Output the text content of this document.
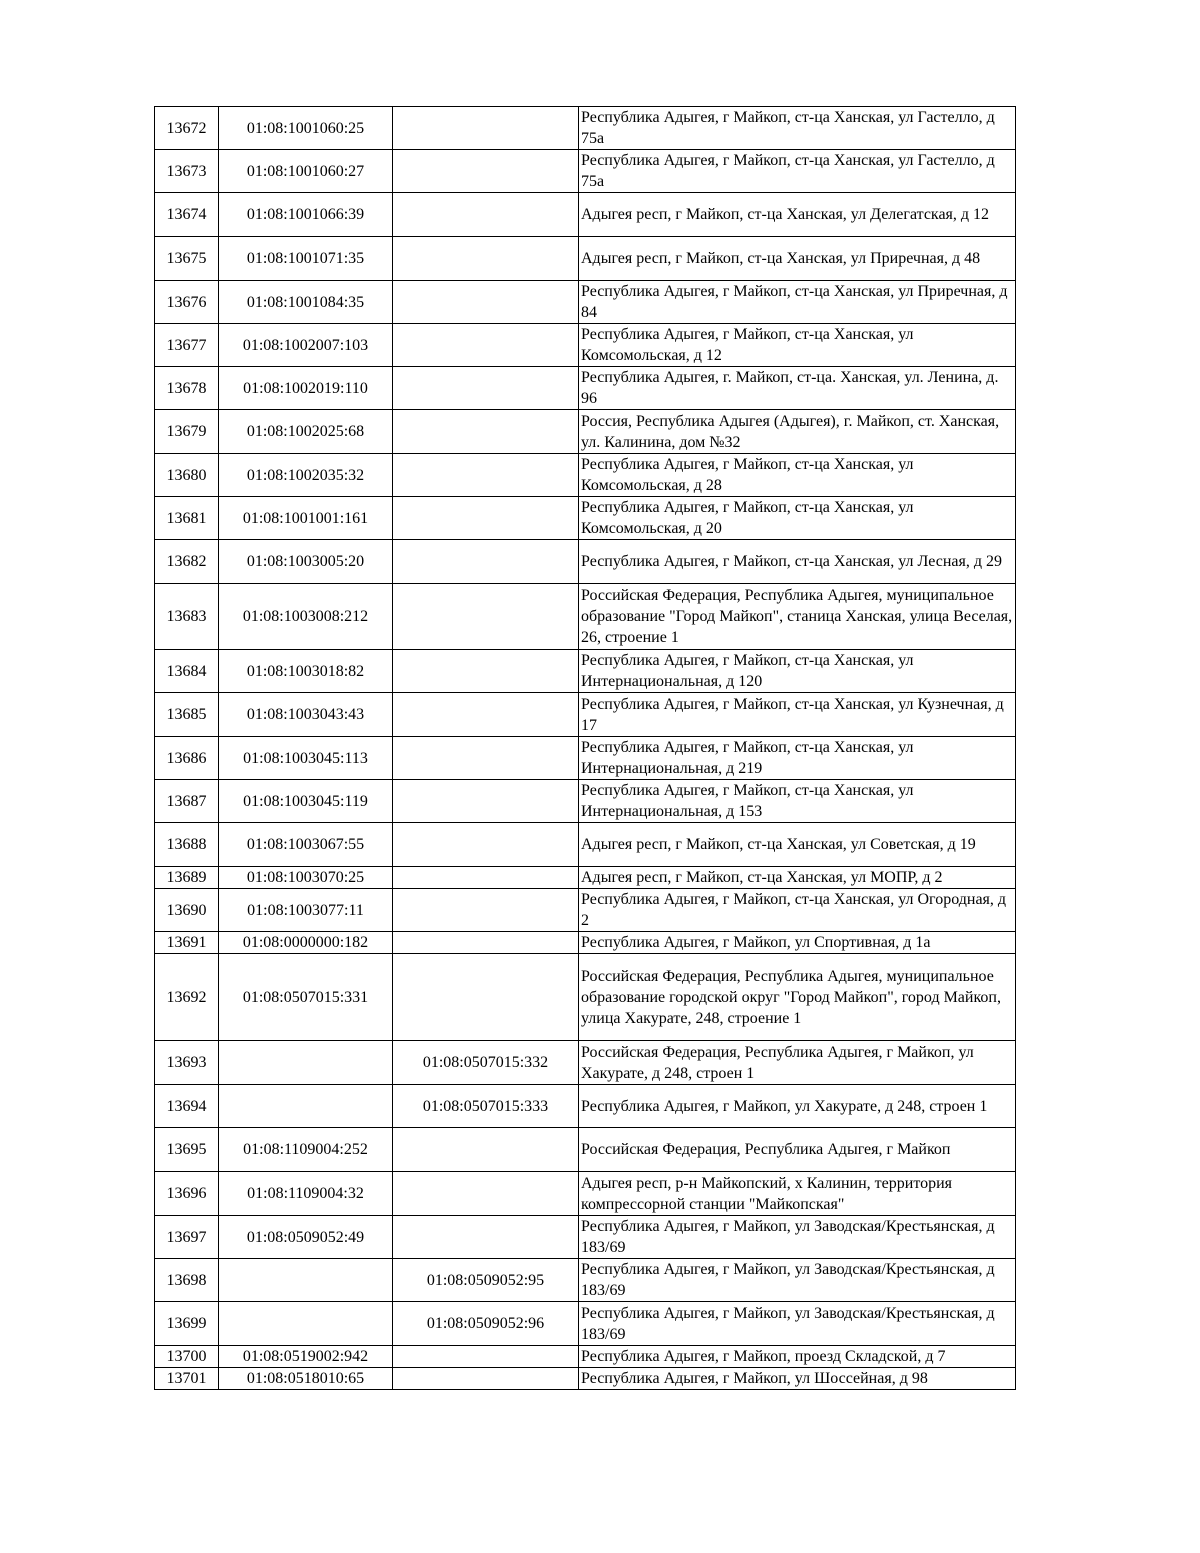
13672	01:08:1001060:25		Республика Адыгея, г Майкоп, ст-ца Ханская, ул Гастелло, д 75а
13673	01:08:1001060:27		Республика Адыгея, г Майкоп, ст-ца Ханская, ул Гастелло, д 75а
13674	01:08:1001066:39		Адыгея респ, г Майкоп, ст-ца Ханская, ул Делегатская, д 12
13675	01:08:1001071:35		Адыгея респ, г Майкоп, ст-ца Ханская, ул Приречная, д 48
13676	01:08:1001084:35		Республика Адыгея, г Майкоп, ст-ца Ханская, ул Приречная, д 84
13677	01:08:1002007:103		Республика Адыгея, г Майкоп, ст-ца Ханская, ул Комсомольская, д 12
13678	01:08:1002019:110		Республика Адыгея, г. Майкоп, ст-ца. Ханская, ул. Ленина, д. 96
13679	01:08:1002025:68		Россия, Республика Адыгея (Адыгея), г. Майкоп, ст. Ханская, ул. Калинина, дом №32
13680	01:08:1002035:32		Республика Адыгея, г Майкоп, ст-ца Ханская, ул Комсомольская, д 28
13681	01:08:1001001:161		Республика Адыгея, г Майкоп, ст-ца Ханская, ул Комсомольская, д 20
13682	01:08:1003005:20		Республика Адыгея, г Майкоп, ст-ца Ханская, ул Лесная, д 29
13683	01:08:1003008:212		Российская Федерация, Республика Адыгея, муниципальное образование "Город Майкоп", станица Ханская, улица Веселая, 26, строение 1
13684	01:08:1003018:82		Республика Адыгея, г Майкоп, ст-ца Ханская, ул Интернациональная, д 120
13685	01:08:1003043:43		Республика Адыгея, г Майкоп, ст-ца Ханская, ул Кузнечная, д 17
13686	01:08:1003045:113		Республика Адыгея, г Майкоп, ст-ца Ханская, ул Интернациональная, д 219
13687	01:08:1003045:119		Республика Адыгея, г Майкоп, ст-ца Ханская, ул Интернациональная, д 153
13688	01:08:1003067:55		Адыгея респ, г Майкоп, ст-ца Ханская, ул Советская, д 19
13689	01:08:1003070:25		Адыгея респ, г Майкоп, ст-ца Ханская, ул МОПР, д 2
13690	01:08:1003077:11		Республика Адыгея, г Майкоп, ст-ца Ханская, ул Огородная, д 2
13691	01:08:0000000:182		Республика Адыгея, г Майкоп, ул Спортивная, д 1а
13692	01:08:0507015:331		Российская Федерация, Республика Адыгея, муниципальное образование городской округ "Город Майкоп", город Майкоп, улица Хакурате, 248, строение 1
13693		01:08:0507015:332	Российская Федерация, Республика Адыгея, г Майкоп, ул Хакурате, д 248, строен 1
13694		01:08:0507015:333	Республика Адыгея, г Майкоп, ул Хакурате, д 248, строен 1
13695	01:08:1109004:252		Российская Федерация, Республика Адыгея, г Майкоп
13696	01:08:1109004:32		Адыгея респ, р-н Майкопский, х Калинин, территория компрессорной станции "Майкопская"
13697	01:08:0509052:49		Республика Адыгея, г Майкоп, ул Заводская/Крестьянская, д 183/69
13698		01:08:0509052:95	Республика Адыгея, г Майкоп, ул Заводская/Крестьянская, д 183/69
13699		01:08:0509052:96	Республика Адыгея, г Майкоп, ул Заводская/Крестьянская, д 183/69
13700	01:08:0519002:942		Республика Адыгея, г Майкоп, проезд Складской, д 7
13701	01:08:0518010:65		Республика Адыгея, г Майкоп, ул Шоссейная, д 98
